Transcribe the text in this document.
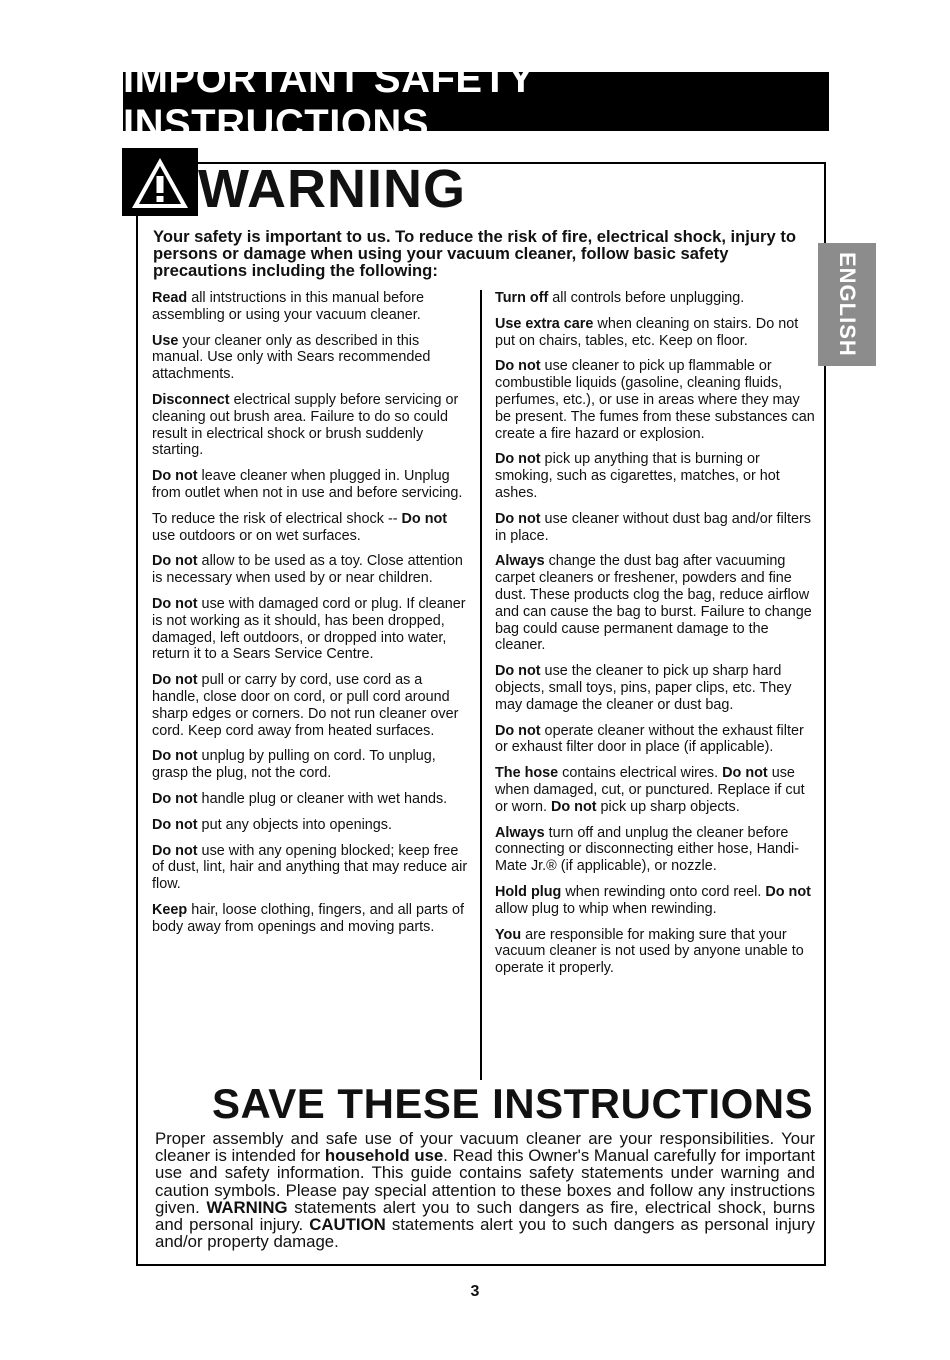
IMPORTANT SAFETY INSTRUCTIONS
WARNING
ENGLISH
Your safety is important to us. To reduce the risk of fire, electrical shock, injury to persons or damage when using your vacuum cleaner, follow basic safety precautions including the following:

Read all intstructions in this manual before assembling or using your vacuum cleaner.

Use your cleaner only as described in this manual. Use only with Sears recommended attachments.

Disconnect electrical supply before servicing or cleaning out brush area. Failure to do so could result in electrical shock or brush suddenly starting.

Do not leave cleaner when plugged in. Unplug from outlet when not in use and before servicing.

To reduce the risk of electrical shock -- Do not use outdoors or on wet surfaces.

Do not allow to be used as a toy. Close attention is necessary when used by or near children.

Do not use with damaged cord or plug. If cleaner is not working as it should, has been dropped, damaged, left outdoors, or dropped into water, return it to a Sears Service Centre.

Do not pull or carry by cord, use cord as a handle, close door on cord, or pull cord around sharp edges or corners. Do not run cleaner over cord. Keep cord away from heated surfaces.

Do not unplug by pulling on cord. To unplug, grasp the plug, not the cord.

Do not handle plug or cleaner with wet hands.

Do not put any objects into openings.

Do not use with any opening blocked; keep free of dust, lint, hair and anything that may reduce air flow.

Keep hair, loose clothing, fingers, and all parts of body away from openings and moving parts.

Turn off all controls before unplugging.

Use extra care when cleaning on stairs. Do not put on chairs, tables, etc. Keep on floor.

Do not use cleaner to pick up flammable or combustible liquids (gasoline, cleaning fluids, perfumes, etc.), or use in areas where they may be present. The fumes from these substances can create a fire hazard or explosion.

Do not pick up anything that is burning or smoking, such as cigarettes, matches, or hot ashes.

Do not use cleaner without dust bag and/or filters in place.

Always change the dust bag after vacuuming carpet cleaners or freshener, powders and fine dust. These products clog the bag, reduce airflow and can cause the bag to burst. Failure to change bag could cause permanent damage to the cleaner.

Do not use the cleaner to pick up sharp hard objects, small toys, pins, paper clips, etc. They may damage the cleaner or dust bag.

Do not operate cleaner without the exhaust filter or exhaust filter door in place (if applicable).

The hose contains electrical wires. Do not use when damaged, cut, or punctured. Replace if cut or worn. Do not pick up sharp objects.

Always turn off and unplug the cleaner before connecting or disconnecting either hose, Handi-Mate Jr.® (if applicable), or nozzle.

Hold plug when rewinding onto cord reel. Do not allow plug to whip when rewinding.

You are responsible for making sure that your vacuum cleaner is not used by anyone unable to operate it properly.

SAVE THESE INSTRUCTIONS
Proper assembly and safe use of your vacuum cleaner are your responsibilities. Your cleaner is intended for household use. Read this Owner's Manual carefully for important use and safety information. This guide contains safety statements under warning and caution symbols. Please pay special attention to these boxes and follow any instructions given. WARNING statements alert you to such dangers as fire, electrical shock, burns and personal injury. CAUTION statements alert you to such dangers as personal injury and/or property damage.
3
